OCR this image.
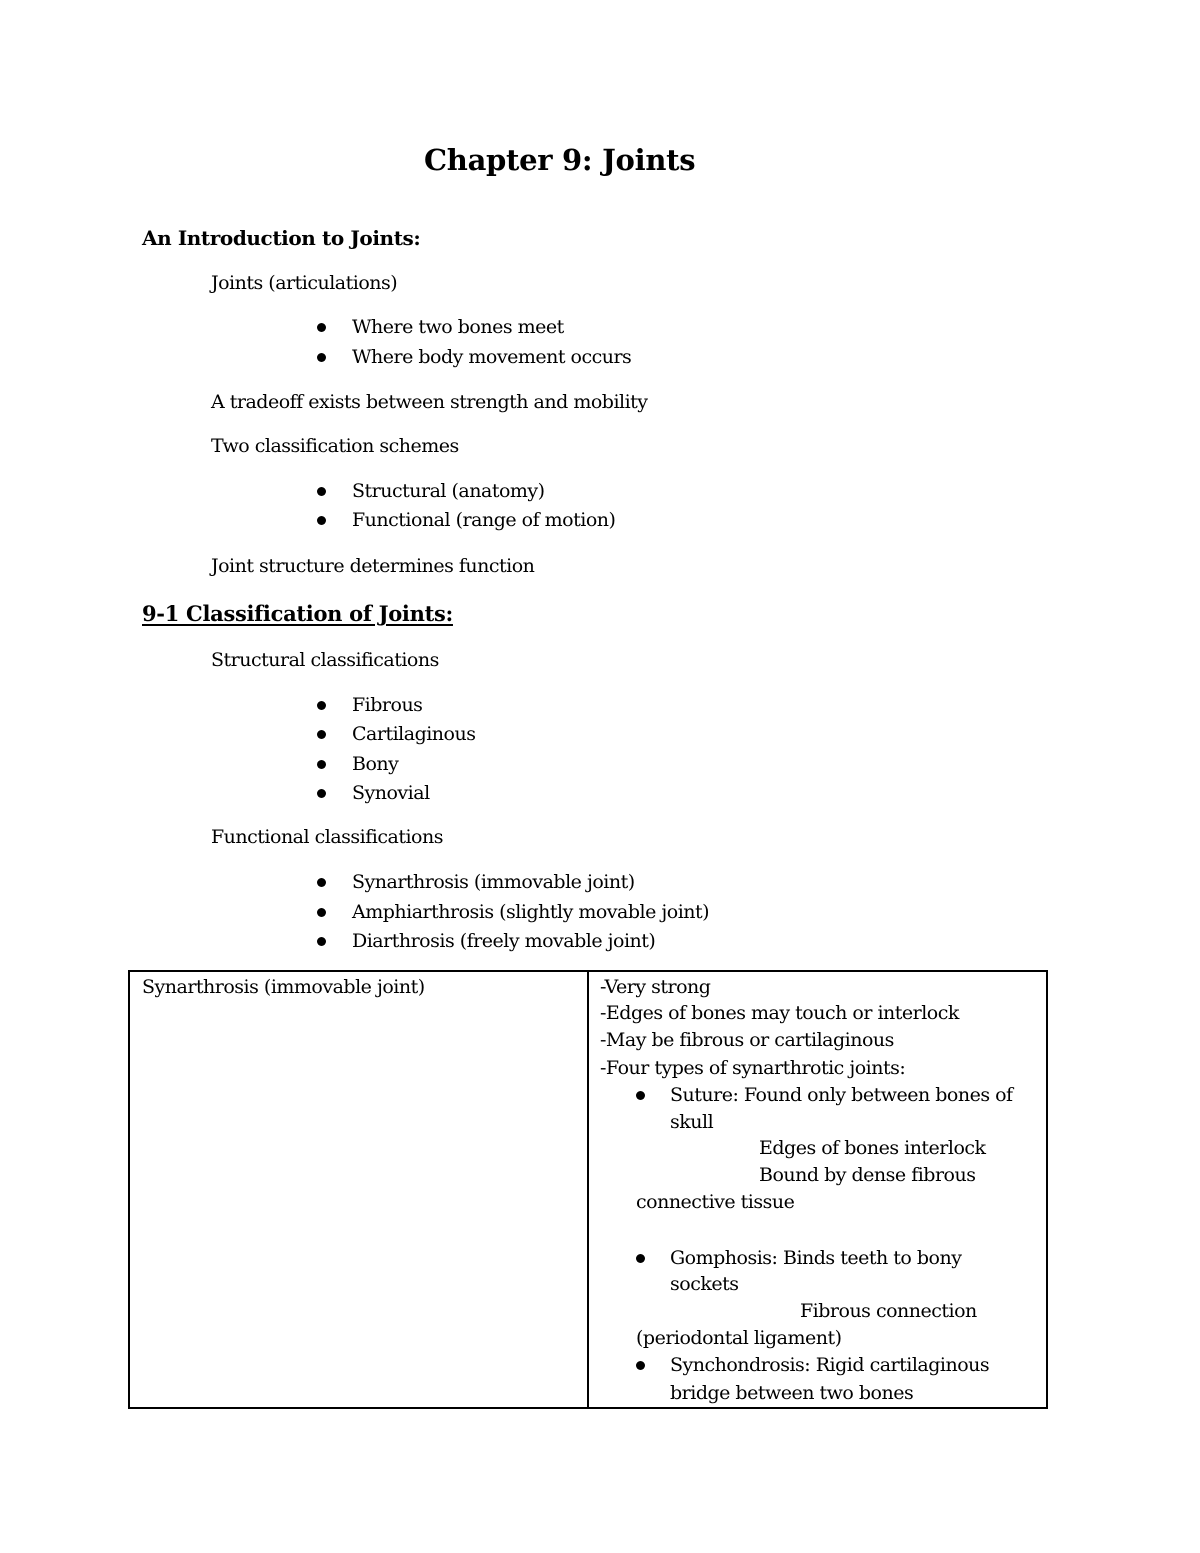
Chapter 9: Joints
An Introduction to Joints:
Joints (articulations)
Where two bones meet
Where body movement occurs
A tradeoff exists between strength and mobility
Two classification schemes
Structural (anatomy)
Functional (range of motion)
Joint structure determines function
9-1 Classification of Joints:
Structural classifications
Fibrous
Cartilaginous
Bony
Synovial
Functional classifications
Synarthrosis (immovable joint)
Amphiarthrosis (slightly movable joint)
Diarthrosis (freely movable joint)
Synarthrosis (immovable joint)	-Very strong
-Edges of bones may touch or interlock
-May be fibrous or cartilaginous
-Four types of synarthrotic joints:
Suture: Found only between bones of
skull
Edges of bones interlock
Bound by dense fibrous
connective tissue
Gomphosis: Binds teeth to bony
sockets
Fibrous connection
(periodontal ligament)
Synchondrosis: Rigid cartilaginous
bridge between two bones
